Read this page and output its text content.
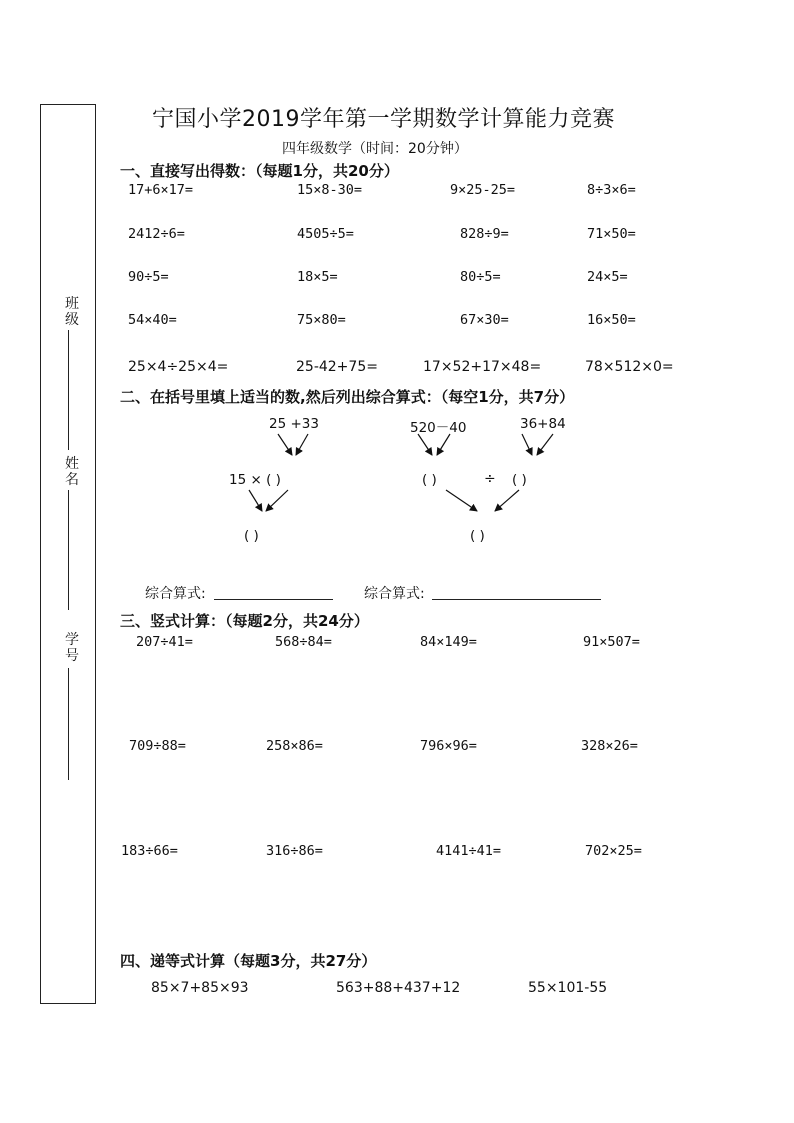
班级
姓名
学号
宁国小学2019学年第一学期数学计算能力竞赛
四年级数学（时间：20分钟）
一、直接写出得数：（每题1分，共20分）
17+6×17=	15×8-30=	9×25-25=	8÷3×6=
2412÷6=	4505÷5=	828÷9=	71×50=
90÷5=	18×5=	80÷5=	24×5=
54×40=	75×80=	67×30=	16×50=
25×4÷25×4=	25-42+75=	17×52+17×48=	78×512×0=
二、在括号里填上适当的数,然后列出综合算式：（每空1分，共7分）
25 +33
15 × ( )
( )
520－40	36+84
( )	÷ ( )
( )
综合算式:	综合算式:
三、竖式计算：（每题2分，共24分）
207÷41=	568÷84=	84×149=	91×507=
709÷88=	258×86=	796×96=	328×26=
183÷66=	316÷86=	4141÷41=	702×25=
四、递等式计算（每题3分，共27分）
85×7+85×93	563+88+437+12	55×101-55
